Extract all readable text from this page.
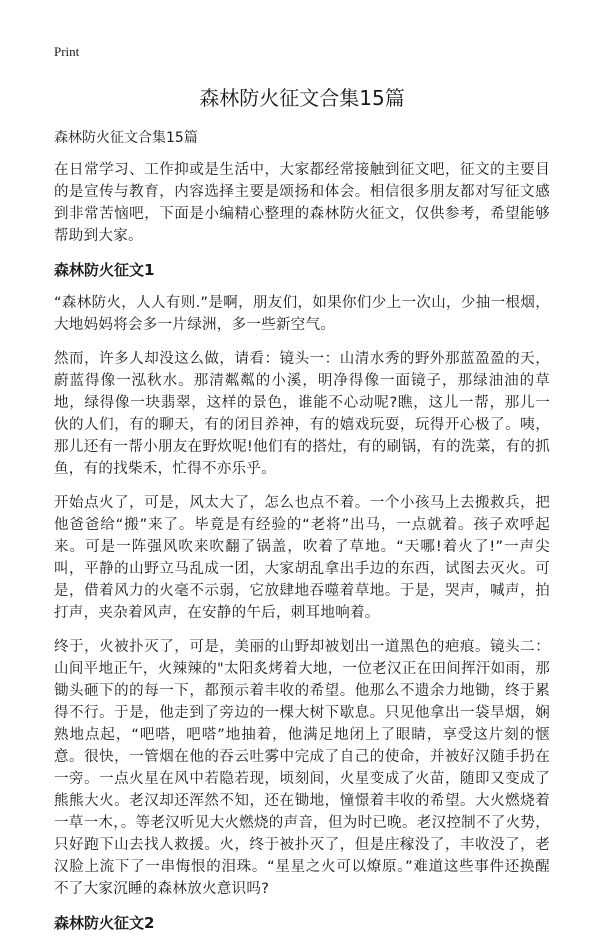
Print
森林防火征文合集15篇
森林防火征文合集15篇

在日常学习、工作抑或是生活中，大家都经常接触到征文吧，征文的主要目的是宣传与教育，内容选择主要是颂扬和体会。相信很多朋友都对写征文感到非常苦恼吧，下面是小编精心整理的森林防火征文，仅供参考，希望能够帮助到大家。

森林防火征文1

“森林防火，人人有则.”是啊，朋友们，如果你们少上一次山，少抽一根烟，大地妈妈将会多一片绿洲，多一些新空气。

然而，许多人却没这么做，请看：镜头一：山清水秀的野外那蓝盈盈的天，蔚蓝得像一泓秋水。那清粼粼的小溪，明净得像一面镜子，那绿油油的草地，绿得像一块翡翠，这样的景色，谁能不心动呢?瞧，这儿一帮，那儿一伙的人们，有的聊天，有的闭目养神，有的嬉戏玩耍，玩得开心极了。咦，那儿还有一帮小朋友在野炊呢!他们有的搭灶，有的刷锅，有的洗菜，有的抓鱼，有的找柴禾，忙得不亦乐乎。

开始点火了，可是，风太大了，怎么也点不着。一个小孩马上去搬救兵，把他爸爸给“搬”来了。毕竟是有经验的“老将”出马，一点就着。孩子欢呼起来。可是一阵强风吹来吹翻了锅盖，吹着了草地。“天哪!着火了!”一声尖叫，平静的山野立马乱成一团，大家胡乱拿出手边的东西，试图去灭火。可是，借着风力的火毫不示弱，它放肆地吞噬着草地。于是，哭声，喊声，拍打声，夹杂着风声，在安静的午后，刺耳地响着。

终于，火被扑灭了，可是，美丽的山野却被划出一道黑色的疤痕。镜头二：山间平地正午，火辣辣的"太阳炙烤着大地，一位老汉正在田间挥汗如雨，那锄头砸下的的每一下，都预示着丰收的希望。他那么不遗余力地锄，终于累得不行。于是，他走到了旁边的一棵大树下歇息。只见他拿出一袋旱烟，娴熟地点起，“吧嗒，吧嗒”地抽着，他满足地闭上了眼睛，享受这片刻的惬意。很快，一管烟在他的吞云吐雾中完成了自己的使命，并被好汉随手扔在一旁。一点火星在风中若隐若现，顷刻间，火星变成了火苗，随即又变成了熊熊大火。老汉却还浑然不知，还在锄地，憧憬着丰收的希望。大火燃烧着一草一木，。等老汉听见大火燃烧的声音，但为时已晚。老汉控制不了火势，只好跑下山去找人救援。火，终于被扑灭了，但是庄稼没了，丰收没了，老汉脸上流下了一串悔恨的泪珠。“星星之火可以燎原。”难道这些事件还换醒不了大家沉睡的森林放火意识吗?

森林防火征文2
